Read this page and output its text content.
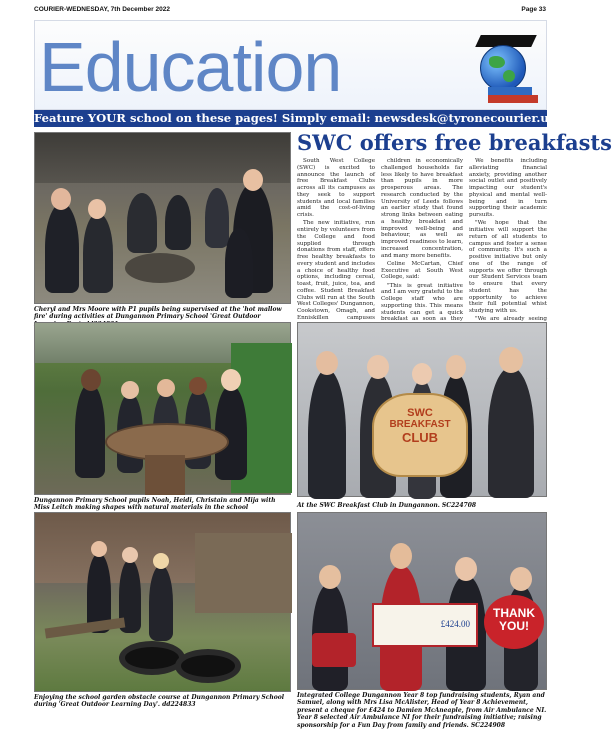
COURIER-WEDNESDAY, 7th December 2022	Page 33
Education
Feature YOUR school on these pages! Simply email: newsdesk@tyronecourier.uk.com
Cheryl and Mrs Moore with P1 pupils being supervised at the 'hot mallow fire' during activities at Dungannon Primary School 'Great Outdoor
SWC offers free breakfasts

South West College (SWC) is excited to announce the launch of free Breakfast Clubs across all its campuses as they seek to support students and local families amid the cost-of-living crisis.

The new initiative, run entirely by volunteers from the College and food supplied through donations from staff, offers free healthy breakfasts to every student and includes a choice of healthy food options, including cereal, toast, fruit, juice, tea, and coffee. Student Breakfast Clubs will run at the South West Colleges' Dungannon, Cookstown, Omagh, and Enniskillen campuses

children in economically challenged households far less likely to have breakfast than pupils in more prosperous areas. The research conducted by the University of Leeds follows an earlier study that found strong links between eating a healthy breakfast and improved well-being and behaviour, as well as improved readiness to learn, increased concentration, and many more benefits.

Celine McCartan, Chief Executive at South West College, said:

"This is great initiative and I am very grateful to the College staff who are supporting this. This means students can get a quick breakfast as soon as they

We benefits including alleviating financial anxiety, providing another social outlet and positively impacting our student's physical and mental well-being and in turn supporting their academic pursuits.

"We hope that the initiative will support the return of all students to campus and foster a sense of community. It's such a positive initiative but only one of the range of supports we offer through our Student Services team to ensure that every student has the opportunity to achieve their full potential whist studying with us.

"We are already seeing

Dungannon Primary School pupils Noah, Heidi, Christain and Mija with Miss Leitch making shapes with natural materials in the school
SWC
BREAKFAST
CLUB
At the SWC Breakfast Club in Dungannon. SC224708
Enjoying the school garden obstacle course at Dungannon Primary School during 'Great Outdoor Learning Day'. dd224833
£424.00
THANK
YOU!
Integrated College Dungannon Year 8 top fundraising students, Ryan and Samuel, along with Mrs Lisa McAlister, Head of Year 8 Achievement, present a cheque for £424 to Damien McAneaple, from Air Ambulance NI. Year 8 selected Air Ambulance NI for their fundraising initiative; raising sponsorship for a Fun Day from family and friends. SC224908
